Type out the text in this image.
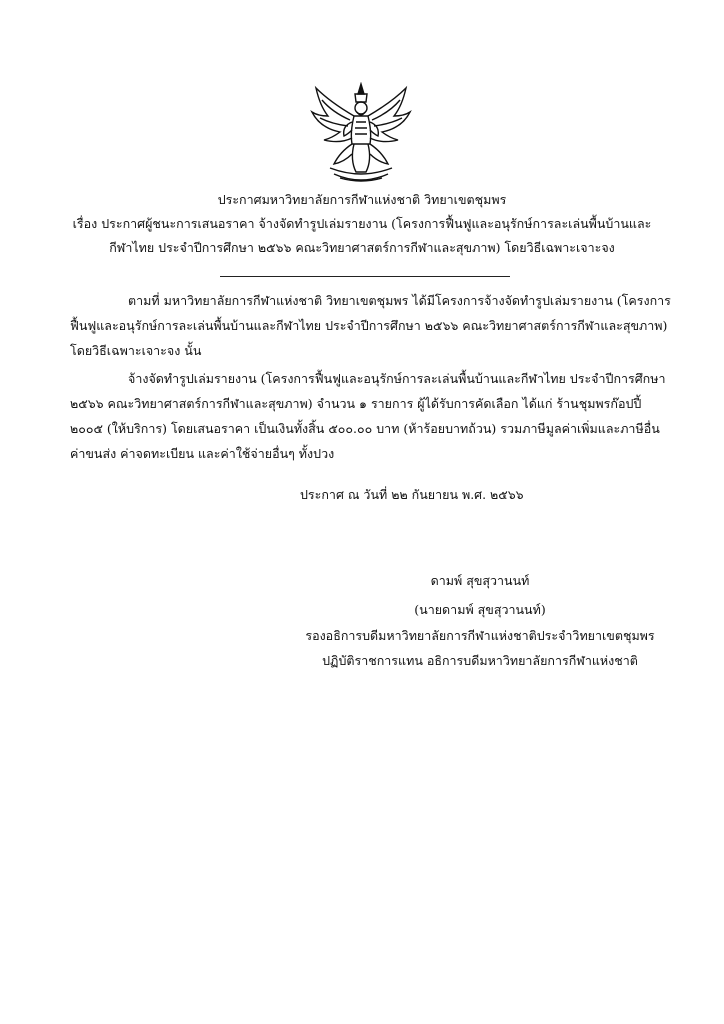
ประกาศมหาวิทยาลัยการกีฬาแห่งชาติ วิทยาเขตชุมพร
เรื่อง ประกาศผู้ชนะการเสนอราคา จ้างจัดทำรูปเล่มรายงาน (โครงการฟื้นฟูและอนุรักษ์การละเล่นพื้นบ้านและ
กีฬาไทย ประจำปีการศึกษา ๒๕๖๖ คณะวิทยาศาสตร์การกีฬาและสุขภาพ) โดยวิธีเฉพาะเจาะจง
ตามที่ มหาวิทยาลัยการกีฬาแห่งชาติ วิทยาเขตชุมพร ได้มีโครงการจ้างจัดทำรูปเล่มรายงาน (โครงการ
ฟื้นฟูและอนุรักษ์การละเล่นพื้นบ้านและกีฬาไทย ประจำปีการศึกษา ๒๕๖๖ คณะวิทยาศาสตร์การกีฬาและสุขภาพ)
โดยวิธีเฉพาะเจาะจง นั้น
จ้างจัดทำรูปเล่มรายงาน (โครงการฟื้นฟูและอนุรักษ์การละเล่นพื้นบ้านและกีฬาไทย ประจำปีการศึกษา
๒๕๖๖ คณะวิทยาศาสตร์การกีฬาและสุขภาพ) จำนวน ๑ รายการ ผู้ได้รับการคัดเลือก ได้แก่ ร้านชุมพรก๊อปปี้
๒๐๐๕ (ให้บริการ) โดยเสนอราคา เป็นเงินทั้งสิ้น ๕๐๐.๐๐ บาท (ห้าร้อยบาทถ้วน) รวมภาษีมูลค่าเพิ่มและภาษีอื่น
ค่าขนส่ง ค่าจดทะเบียน และค่าใช้จ่ายอื่นๆ ทั้งปวง
ประกาศ ณ วันที่ ๒๒ กันยายน พ.ศ. ๒๕๖๖
ดามพ์ สุขสุวานนท์
(นายดามพ์ สุขสุวานนท์)
รองอธิการบดีมหาวิทยาลัยการกีฬาแห่งชาติประจำวิทยาเขตชุมพร
ปฏิบัติราชการแทน อธิการบดีมหาวิทยาลัยการกีฬาแห่งชาติ
